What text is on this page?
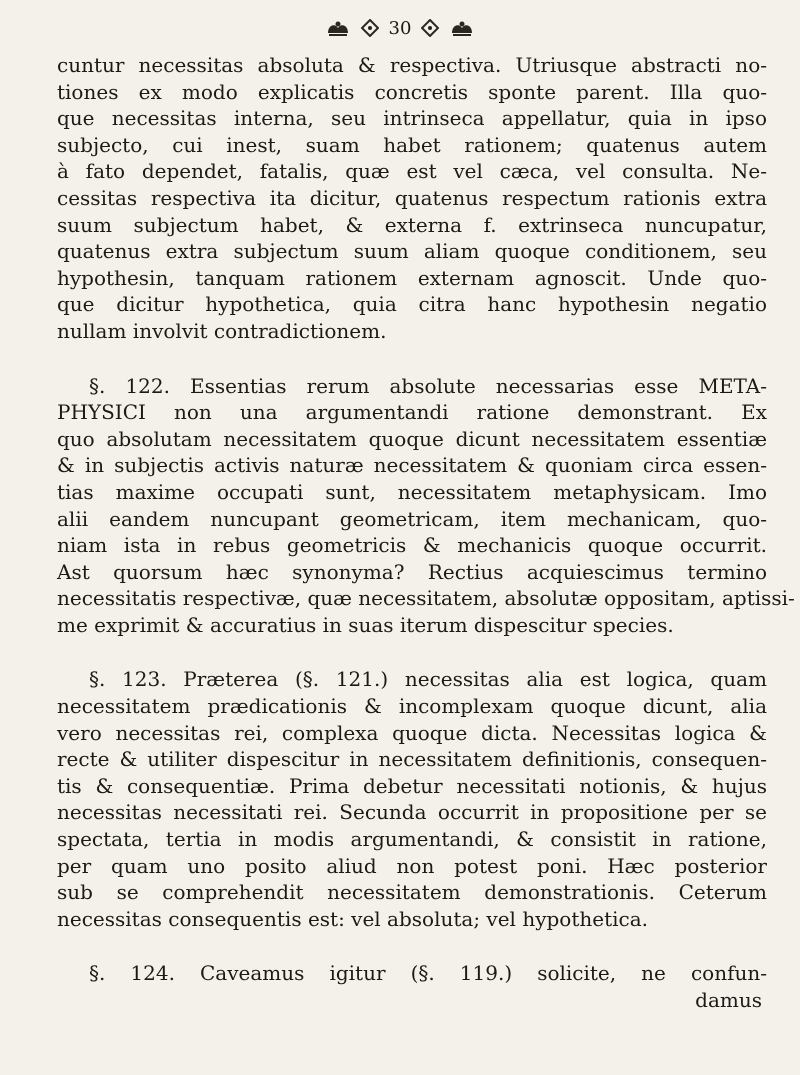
30
cuntur necessitas absoluta & respectiva. Utriusque abstracti no-
tiones ex modo explicatis concretis sponte parent. Illa quo-
que necessitas interna, seu intrinseca appellatur, quia in ipso
subjecto, cui inest, suam habet rationem; quatenus autem
à fato dependet, fatalis, quæ est vel cæca, vel consulta. Ne-
cessitas respectiva ita dicitur, quatenus respectum rationis extra
suum subjectum habet, & externa f. extrinseca nuncupatur,
quatenus extra subjectum suum aliam quoque conditionem, seu
hypothesin, tanquam rationem externam agnoscit. Unde quo-
que dicitur hypothetica, quia citra hanc hypothesin negatio
nullam involvit contradictionem.
§. 122. Essentias rerum absolute necessarias esse META-
PHYSICI non una argumentandi ratione demonstrant. Ex
quo absolutam necessitatem quoque dicunt necessitatem essentiæ
& in subjectis activis naturæ necessitatem & quoniam circa essen-
tias maxime occupati sunt, necessitatem metaphysicam. Imo
alii eandem nuncupant geometricam, item mechanicam, quo-
niam ista in rebus geometricis & mechanicis quoque occurrit.
Ast quorsum hæc synonyma? Rectius acquiescimus termino
necessitatis respectivæ, quæ necessitatem, absolutæ oppositam, aptissi-
me exprimit & accuratius in suas iterum dispescitur species.
§. 123. Præterea (§. 121.) necessitas alia est logica, quam
necessitatem prædicationis & incomplexam quoque dicunt, alia
vero necessitas rei, complexa quoque dicta. Necessitas logica &
recte & utiliter dispescitur in necessitatem definitionis, consequen-
tis & consequentiæ. Prima debetur necessitati notionis, & hujus
necessitas necessitati rei. Secunda occurrit in propositione per se
spectata, tertia in modis argumentandi, & consistit in ratione,
per quam uno posito aliud non potest poni. Hæc posterior
sub se comprehendit necessitatem demonstrationis. Ceterum
necessitas consequentis est: vel absoluta; vel hypothetica.
§. 124. Caveamus igitur (§. 119.) solicite, ne confun-
damus
